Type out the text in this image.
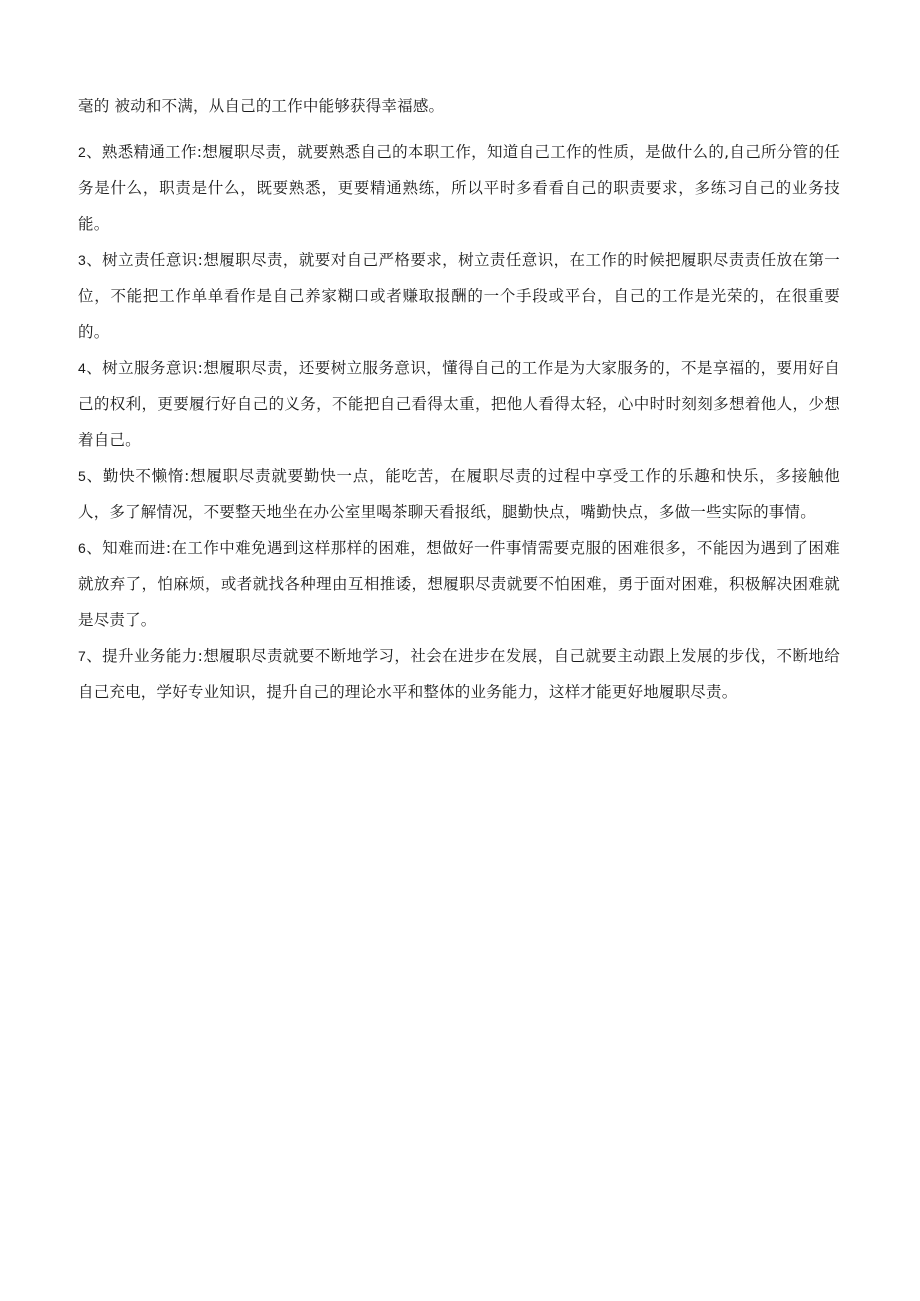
毫的 被动和不满，从自己的工作中能够获得幸福感。

2、熟悉精通工作:想履职尽责，就要熟悉自己的本职工作，知道自己工作的性质，是做什么的,自己所分管的任务是什么，职责是什么，既要熟悉，更要精通熟练，所以平时多看看自己的职责要求，多练习自己的业务技能。

3、树立责任意识:想履职尽责，就要对自己严格要求，树立责任意识，在工作的时候把履职尽责责任放在第一位，不能把工作单单看作是自己养家糊口或者赚取报酬的一个手段或平台，自己的工作是光荣的，在很重要的。

4、树立服务意识:想履职尽责，还要树立服务意识，懂得自己的工作是为大家服务的，不是享福的，要用好自己的权利，更要履行好自己的义务，不能把自己看得太重，把他人看得太轻，心中时时刻刻多想着他人，少想着自己。

5、勤快不懒惰:想履职尽责就要勤快一点，能吃苦，在履职尽责的过程中享受工作的乐趣和快乐，多接触他人，多了解情况，不要整天地坐在办公室里喝茶聊天看报纸，腿勤快点，嘴勤快点，多做一些实际的事情。

6、知难而进:在工作中难免遇到这样那样的困难，想做好一件事情需要克服的困难很多，不能因为遇到了困难就放弃了，怕麻烦，或者就找各种理由互相推诿，想履职尽责就要不怕困难，勇于面对困难，积极解决困难就是尽责了。

7、提升业务能力:想履职尽责就要不断地学习，社会在进步在发展，自己就要主动跟上发展的步伐，不断地给自己充电，学好专业知识，提升自己的理论水平和整体的业务能力，这样才能更好地履职尽责。
